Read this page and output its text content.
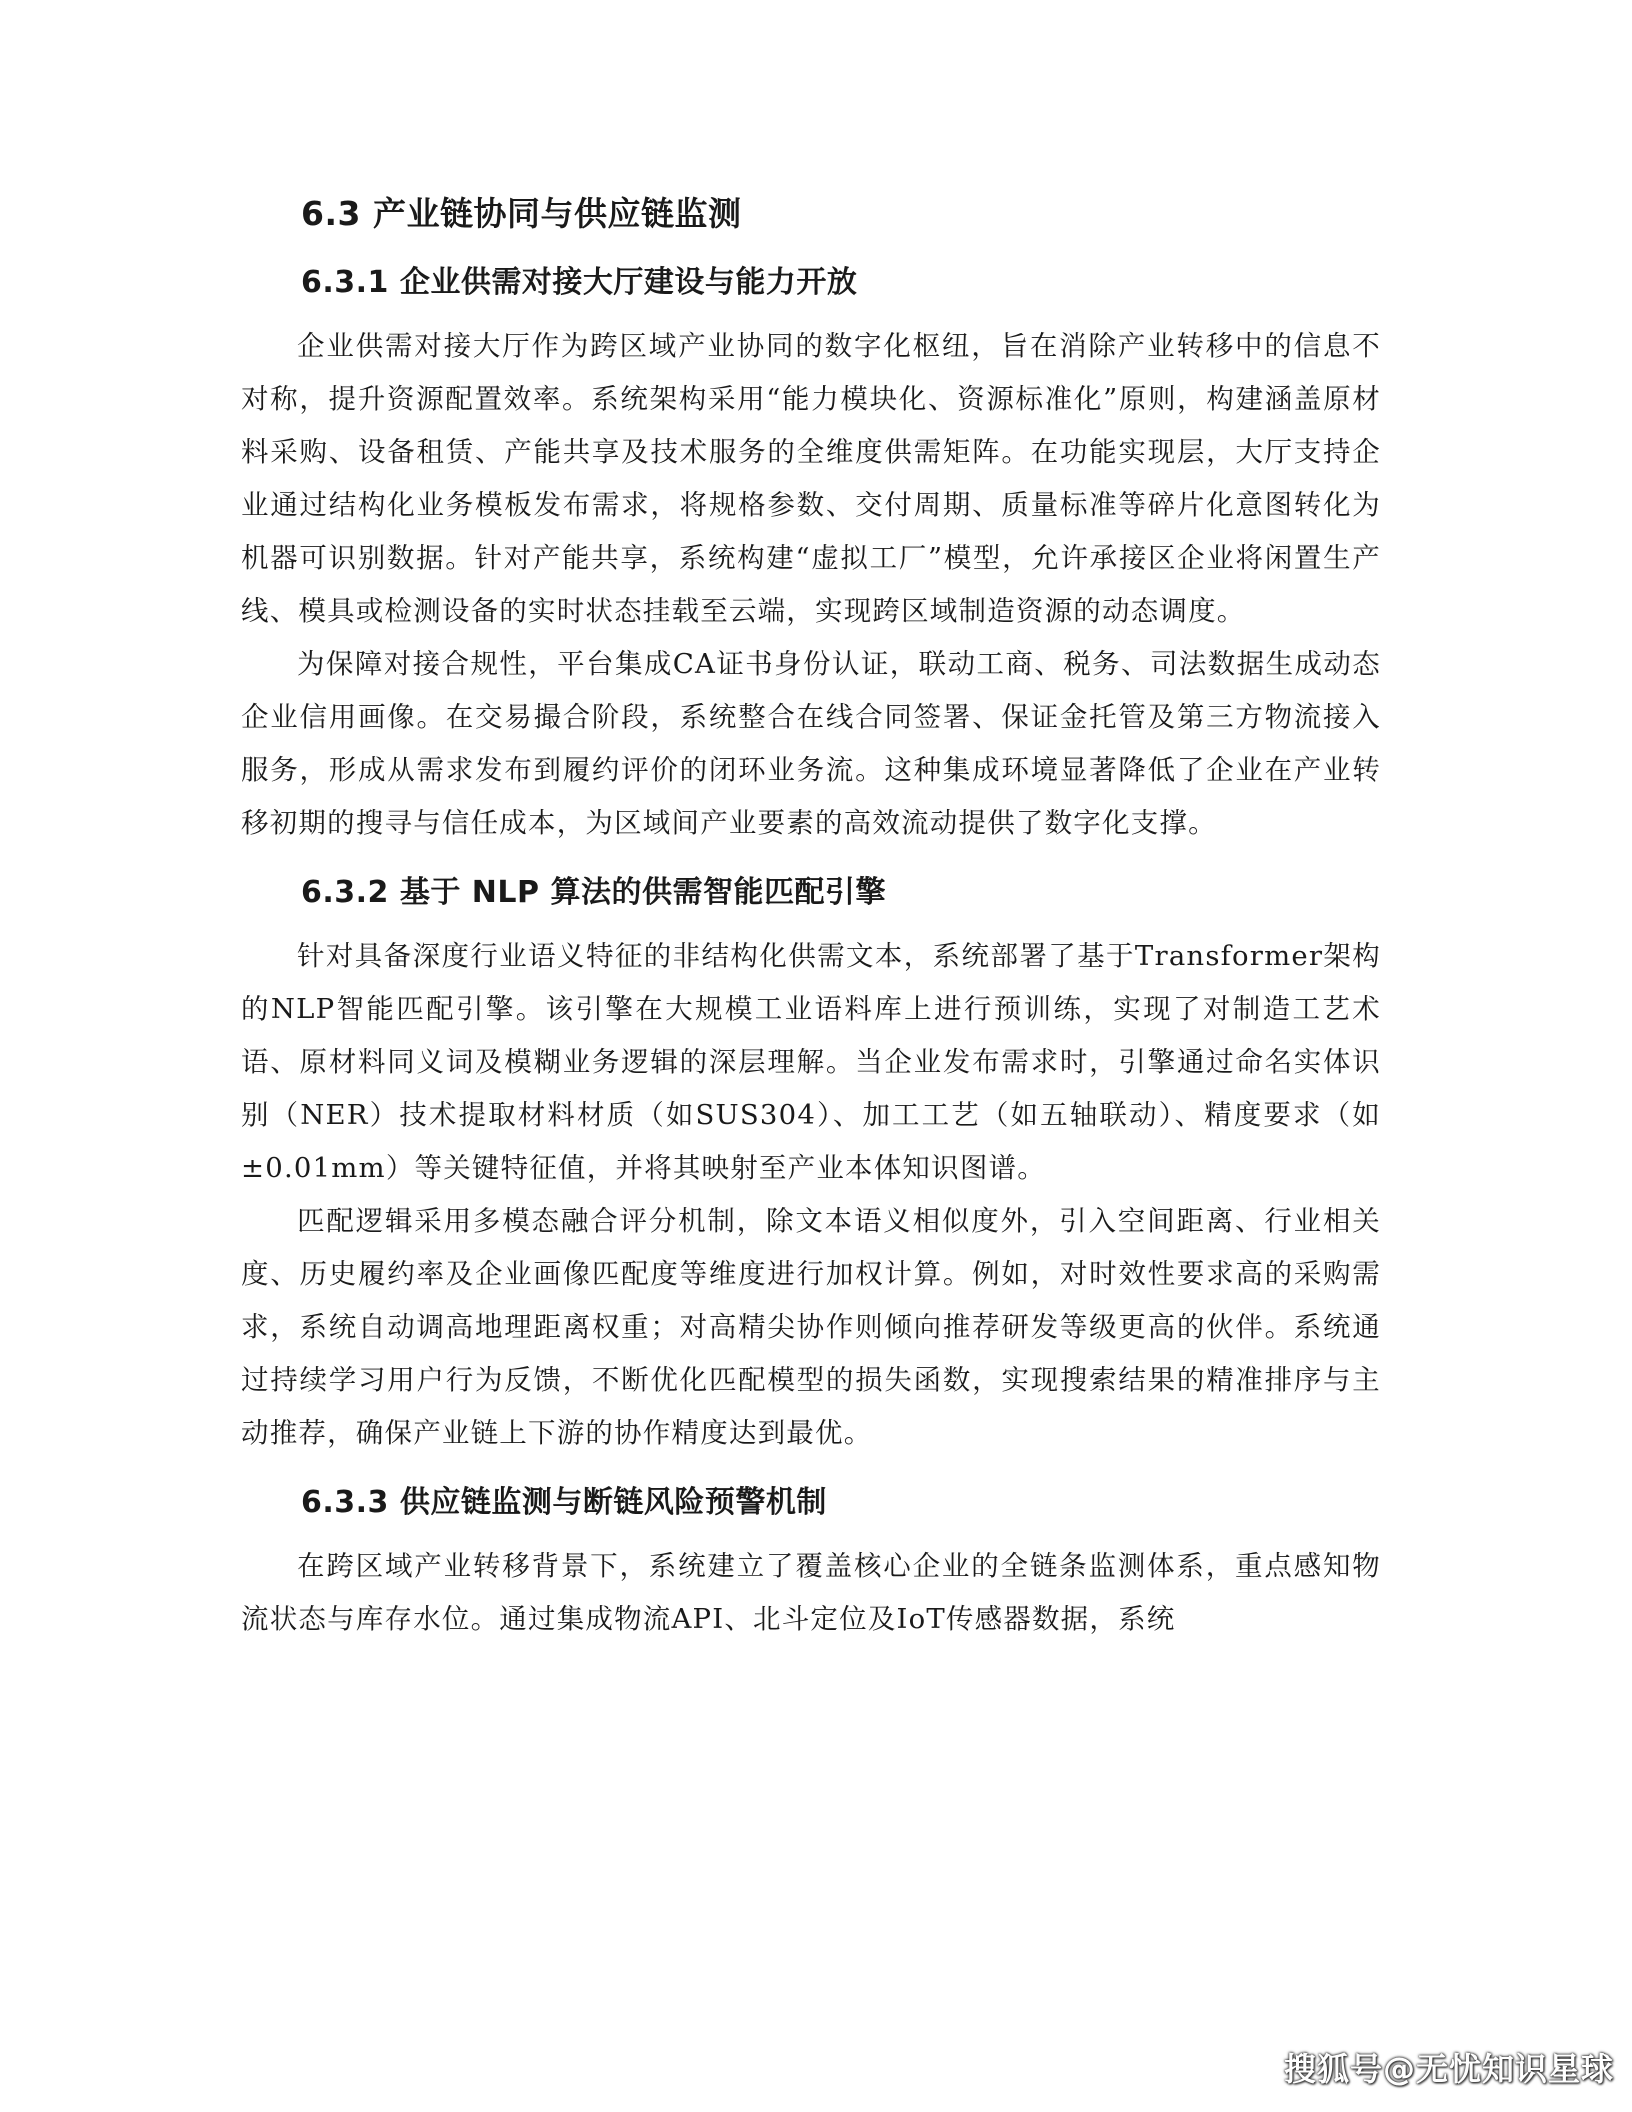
6.3 产业链协同与供应链监测
6.3.1 企业供需对接大厅建设与能力开放

企业供需对接大厅作为跨区域产业协同的数字化枢纽，旨在消除产业转移中的信息不对称，提升资源配置效率。系统架构采用“能力模块化、资源标准化”原则，构建涵盖原材料采购、设备租赁、产能共享及技术服务的全维度供需矩阵。在功能实现层，大厅支持企业通过结构化业务模板发布需求，将规格参数、交付周期、质量标准等碎片化意图转化为机器可识别数据。针对产能共享，系统构建“虚拟工厂”模型，允许承接区企业将闲置生产线、模具或检测设备的实时状态挂载至云端，实现跨区域制造资源的动态调度。

为保障对接合规性，平台集成CA证书身份认证，联动工商、税务、司法数据生成动态企业信用画像。在交易撮合阶段，系统整合在线合同签署、保证金托管及第三方物流接入服务，形成从需求发布到履约评价的闭环业务流。这种集成环境显著降低了企业在产业转移初期的搜寻与信任成本，为区域间产业要素的高效流动提供了数字化支撑。

6.3.2 基于 NLP 算法的供需智能匹配引擎

针对具备深度行业语义特征的非结构化供需文本，系统部署了基于Transformer架构的NLP智能匹配引擎。该引擎在大规模工业语料库上进行预训练，实现了对制造工艺术语、原材料同义词及模糊业务逻辑的深层理解。当企业发布需求时，引擎通过命名实体识别（NER）技术提取材料材质（如SUS304）、加工工艺（如五轴联动）、精度要求（如±0.01mm）等关键特征值，并将其映射至产业本体知识图谱。

匹配逻辑采用多模态融合评分机制，除文本语义相似度外，引入空间距离、行业相关度、历史履约率及企业画像匹配度等维度进行加权计算。例如，对时效性要求高的采购需求，系统自动调高地理距离权重；对高精尖协作则倾向推荐研发等级更高的伙伴。系统通过持续学习用户行为反馈，不断优化匹配模型的损失函数，实现搜索结果的精准排序与主动推荐，确保产业链上下游的协作精度达到最优。

6.3.3 供应链监测与断链风险预警机制

在跨区域产业转移背景下，系统建立了覆盖核心企业的全链条监测体系，重点感知物流状态与库存水位。通过集成物流API、北斗定位及IoT传感器数据，系统

搜狐号@无忧知识星球
